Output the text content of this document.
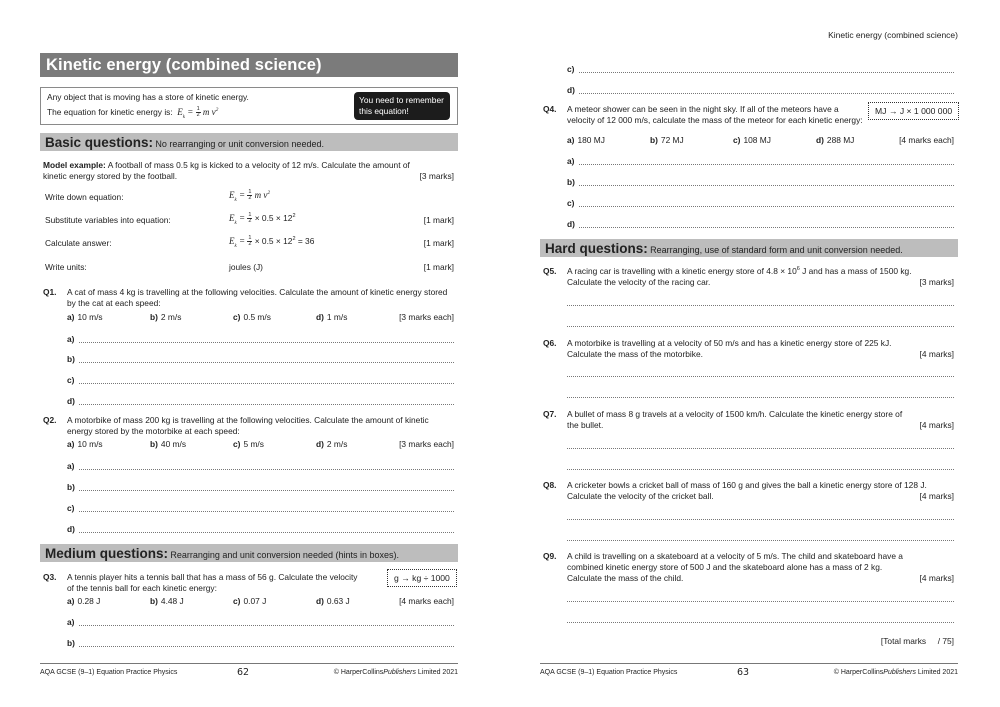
Kinetic energy (combined science)
Any object that is moving has a store of kinetic energy.
The equation for kinetic energy is:  $E_k = \frac{1}{2}$ m $v^2$
You need to remember this equation!
Basic questions: No rearranging or unit conversion needed.
Model example: A football of mass 0.5 kg is kicked to a velocity of 12 m/s. Calculate the amount of
kinetic energy stored by the football.	[3 marks]
Write down equation:	$E_k = \frac{1}{2}$ m $v^2$
Substitute variables into equation:	$E_k = \frac{1}{2} \times 0.5 \times 12^2$	[1 mark]
Calculate answer:	$E_k = \frac{1}{2} \times 0.5 \times 12^2 = 36$	[1 mark]
Write units:	joules (J)	[1 mark]
Q1. A cat of mass 4 kg is travelling at the following velocities. Calculate the amount of kinetic energy stored
by the cat at each speed:
a) 10 m/s	b) 2 m/s	c) 0.5 m/s	d) 1 m/s	[3 marks each]
a)
b)
c)
d)
Q2. A motorbike of mass 200 kg is travelling at the following velocities. Calculate the amount of kinetic
energy stored by the motorbike at each speed:
a) 10 m/s	b) 40 m/s	c) 5 m/s	d) 2 m/s	[3 marks each]
a)
b)
c)
d)
Medium questions: Rearranging and unit conversion needed (hints in boxes).
Q3. A tennis player hits a tennis ball that has a mass of 56 g. Calculate the velocity
of the tennis ball for each kinetic energy:
g → kg ÷ 1000
a) 0.28 J	b) 4.48 J	c) 0.07 J	d) 0.63 J	[4 marks each]
a)
b)
AQA GCSE (9–1) Equation Practice Physics	62	© HarperCollinsPublishers Limited 2021
Kinetic energy (combined science)
c)
d)
Q4. A meteor shower can be seen in the night sky. If all of the meteors have a
velocity of 12 000 m/s, calculate the mass of the meteor for each kinetic energy:
MJ → J × 1 000 000
a) 180 MJ	b) 72 MJ	c) 108 MJ	d) 288 MJ	[4 marks each]
a)
b)
c)
d)
Hard questions: Rearranging, use of standard form and unit conversion needed.
Q5. A racing car is travelling with a kinetic energy store of $4.8 \times 10^6$ J and has a mass of 1500 kg.
Calculate the velocity of the racing car.	[3 marks]
Q6. A motorbike is travelling at a velocity of 50 m/s and has a kinetic energy store of 225 kJ.
Calculate the mass of the motorbike.	[4 marks]
Q7. A bullet of mass 8 g travels at a velocity of 1500 km/h. Calculate the kinetic energy store of
the bullet.	[4 marks]
Q8. A cricketer bowls a cricket ball of mass of 160 g and gives the ball a kinetic energy store of 128 J.
Calculate the velocity of the cricket ball.	[4 marks]
Q9. A child is travelling on a skateboard at a velocity of 5 m/s. The child and skateboard have a
combined kinetic energy store of 500 J and the skateboard alone has a mass of 2 kg.
Calculate the mass of the child.	[4 marks]
[Total marks     / 75]
AQA GCSE (9–1) Equation Practice Physics	63	© HarperCollinsPublishers Limited 2021
